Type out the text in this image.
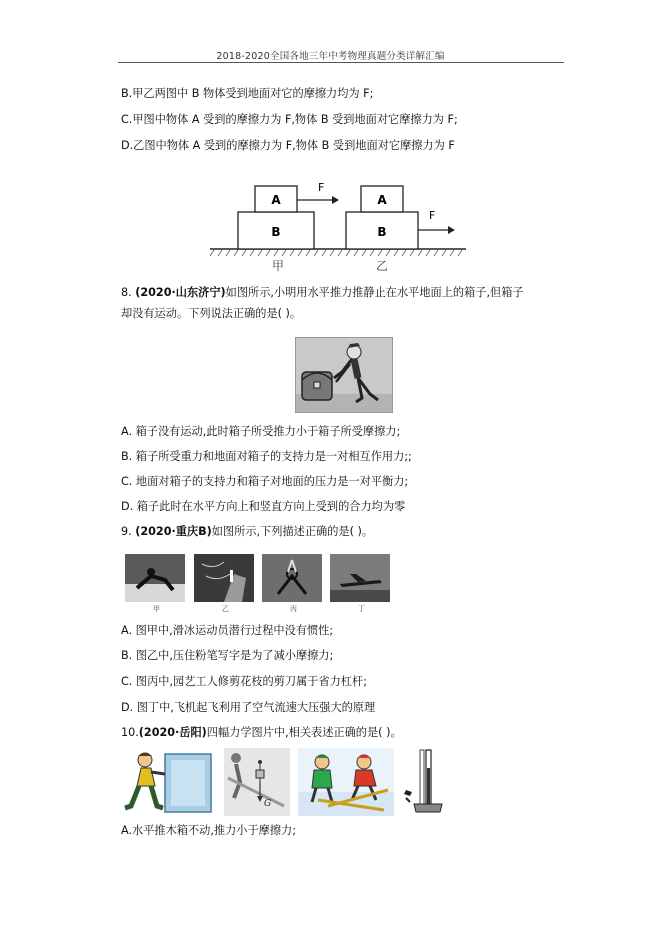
2018-2020全国各地三年中考物理真题分类详解汇编
B.甲乙两图中 B 物体受到地面对它的摩擦力均为 F;
C.甲图中物体 A 受到的摩擦力为 F,物体 B 受到地面对它摩擦力为 F;
D.乙图中物体 A 受到的摩擦力为 F,物体 B 受到地面对它摩擦力为 F
B
A
F
B
A
F
甲	乙
8. (2020·山东济宁)如图所示,小明用水平推力推静止在水平地面上的箱子,但箱子
却没有运动。下列说法正确的是( )。
A. 箱子没有运动,此时箱子所受推力小于箱子所受摩擦力;
B. 箱子所受重力和地面对箱子的支持力是一对相互作用力;;
C. 地面对箱子的支持力和箱子对地面的压力是一对平衡力;
D. 箱子此时在水平方向上和竖直方向上受到的合力均为零
9. (2020·重庆B)如图所示,下列描述正确的是( )。
甲	乙	丙	丁
A. 图甲中,滑冰运动员潜行过程中没有惯性;
B. 图乙中,压住粉笔写字是为了减小摩擦力;
C. 图丙中,园艺工人修剪花枝的剪刀属于省力杠杆;
D. 图丁中,飞机起飞利用了空气流速大压强大的原理
10.(2020·岳阳)四幅力学图片中,相关表述正确的是( )。
G
A.水平推木箱不动,推力小于摩擦力;
